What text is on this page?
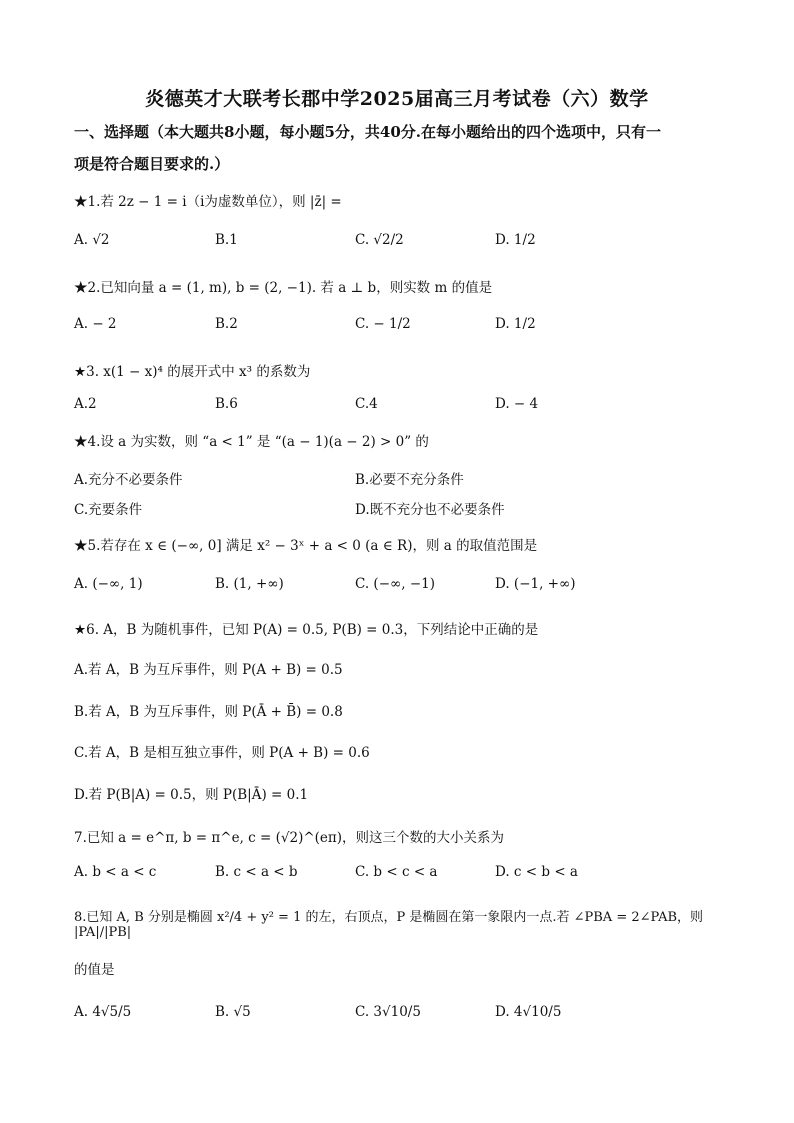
炎德英才大联考长郡中学2025届高三月考试卷（六）数学
一、选择题（本大题共8小题，每小题5分，共40分.在每小题给出的四个选项中，只有一
项是符合题目要求的.）
★1.若 2z − 1 = i（i为虚数单位），则 |z̄| =
A. √2	B.1	C. √2/2	D. 1/2
★2.已知向量 a = (1, m), b = (2, −1). 若 a ⊥ b，则实数 m 的值是
A. − 2	B.2	C. − 1/2	D. 1/2
★3. x(1 − x)⁴ 的展开式中 x³ 的系数为
A.2	B.6	C.4	D. − 4
★4.设 a 为实数，则 “a < 1” 是 “(a − 1)(a − 2) > 0” 的
A.充分不必要条件	B.必要不充分条件
C.充要条件	D.既不充分也不必要条件
★5.若存在 x ∈ (−∞, 0] 满足 x² − 3ˣ + a < 0 (a ∈ R)，则 a 的取值范围是
A. (−∞, 1)	B. (1, +∞)	C. (−∞, −1)	D. (−1, +∞)
★6. A，B 为随机事件，已知 P(A) = 0.5, P(B) = 0.3，下列结论中正确的是
A.若 A，B 为互斥事件，则 P(A + B) = 0.5
B.若 A，B 为互斥事件，则 P(Ā + B̄) = 0.8
C.若 A，B 是相互独立事件，则 P(A + B) = 0.6
D.若 P(B|A) = 0.5，则 P(B|Ā) = 0.1
7.已知 a = e^π, b = π^e, c = (√2)^(eπ)，则这三个数的大小关系为
A. b < a < c	B. c < a < b	C. b < c < a	D. c < b < a
8.已知 A, B 分别是椭圆 x²/4 + y² = 1 的左，右顶点，P 是椭圆在第一象限内一点.若 ∠PBA = 2∠PAB，则 |PA|/|PB|
的值是
A. 4√5/5	B. √5	C. 3√10/5	D. 4√10/5
